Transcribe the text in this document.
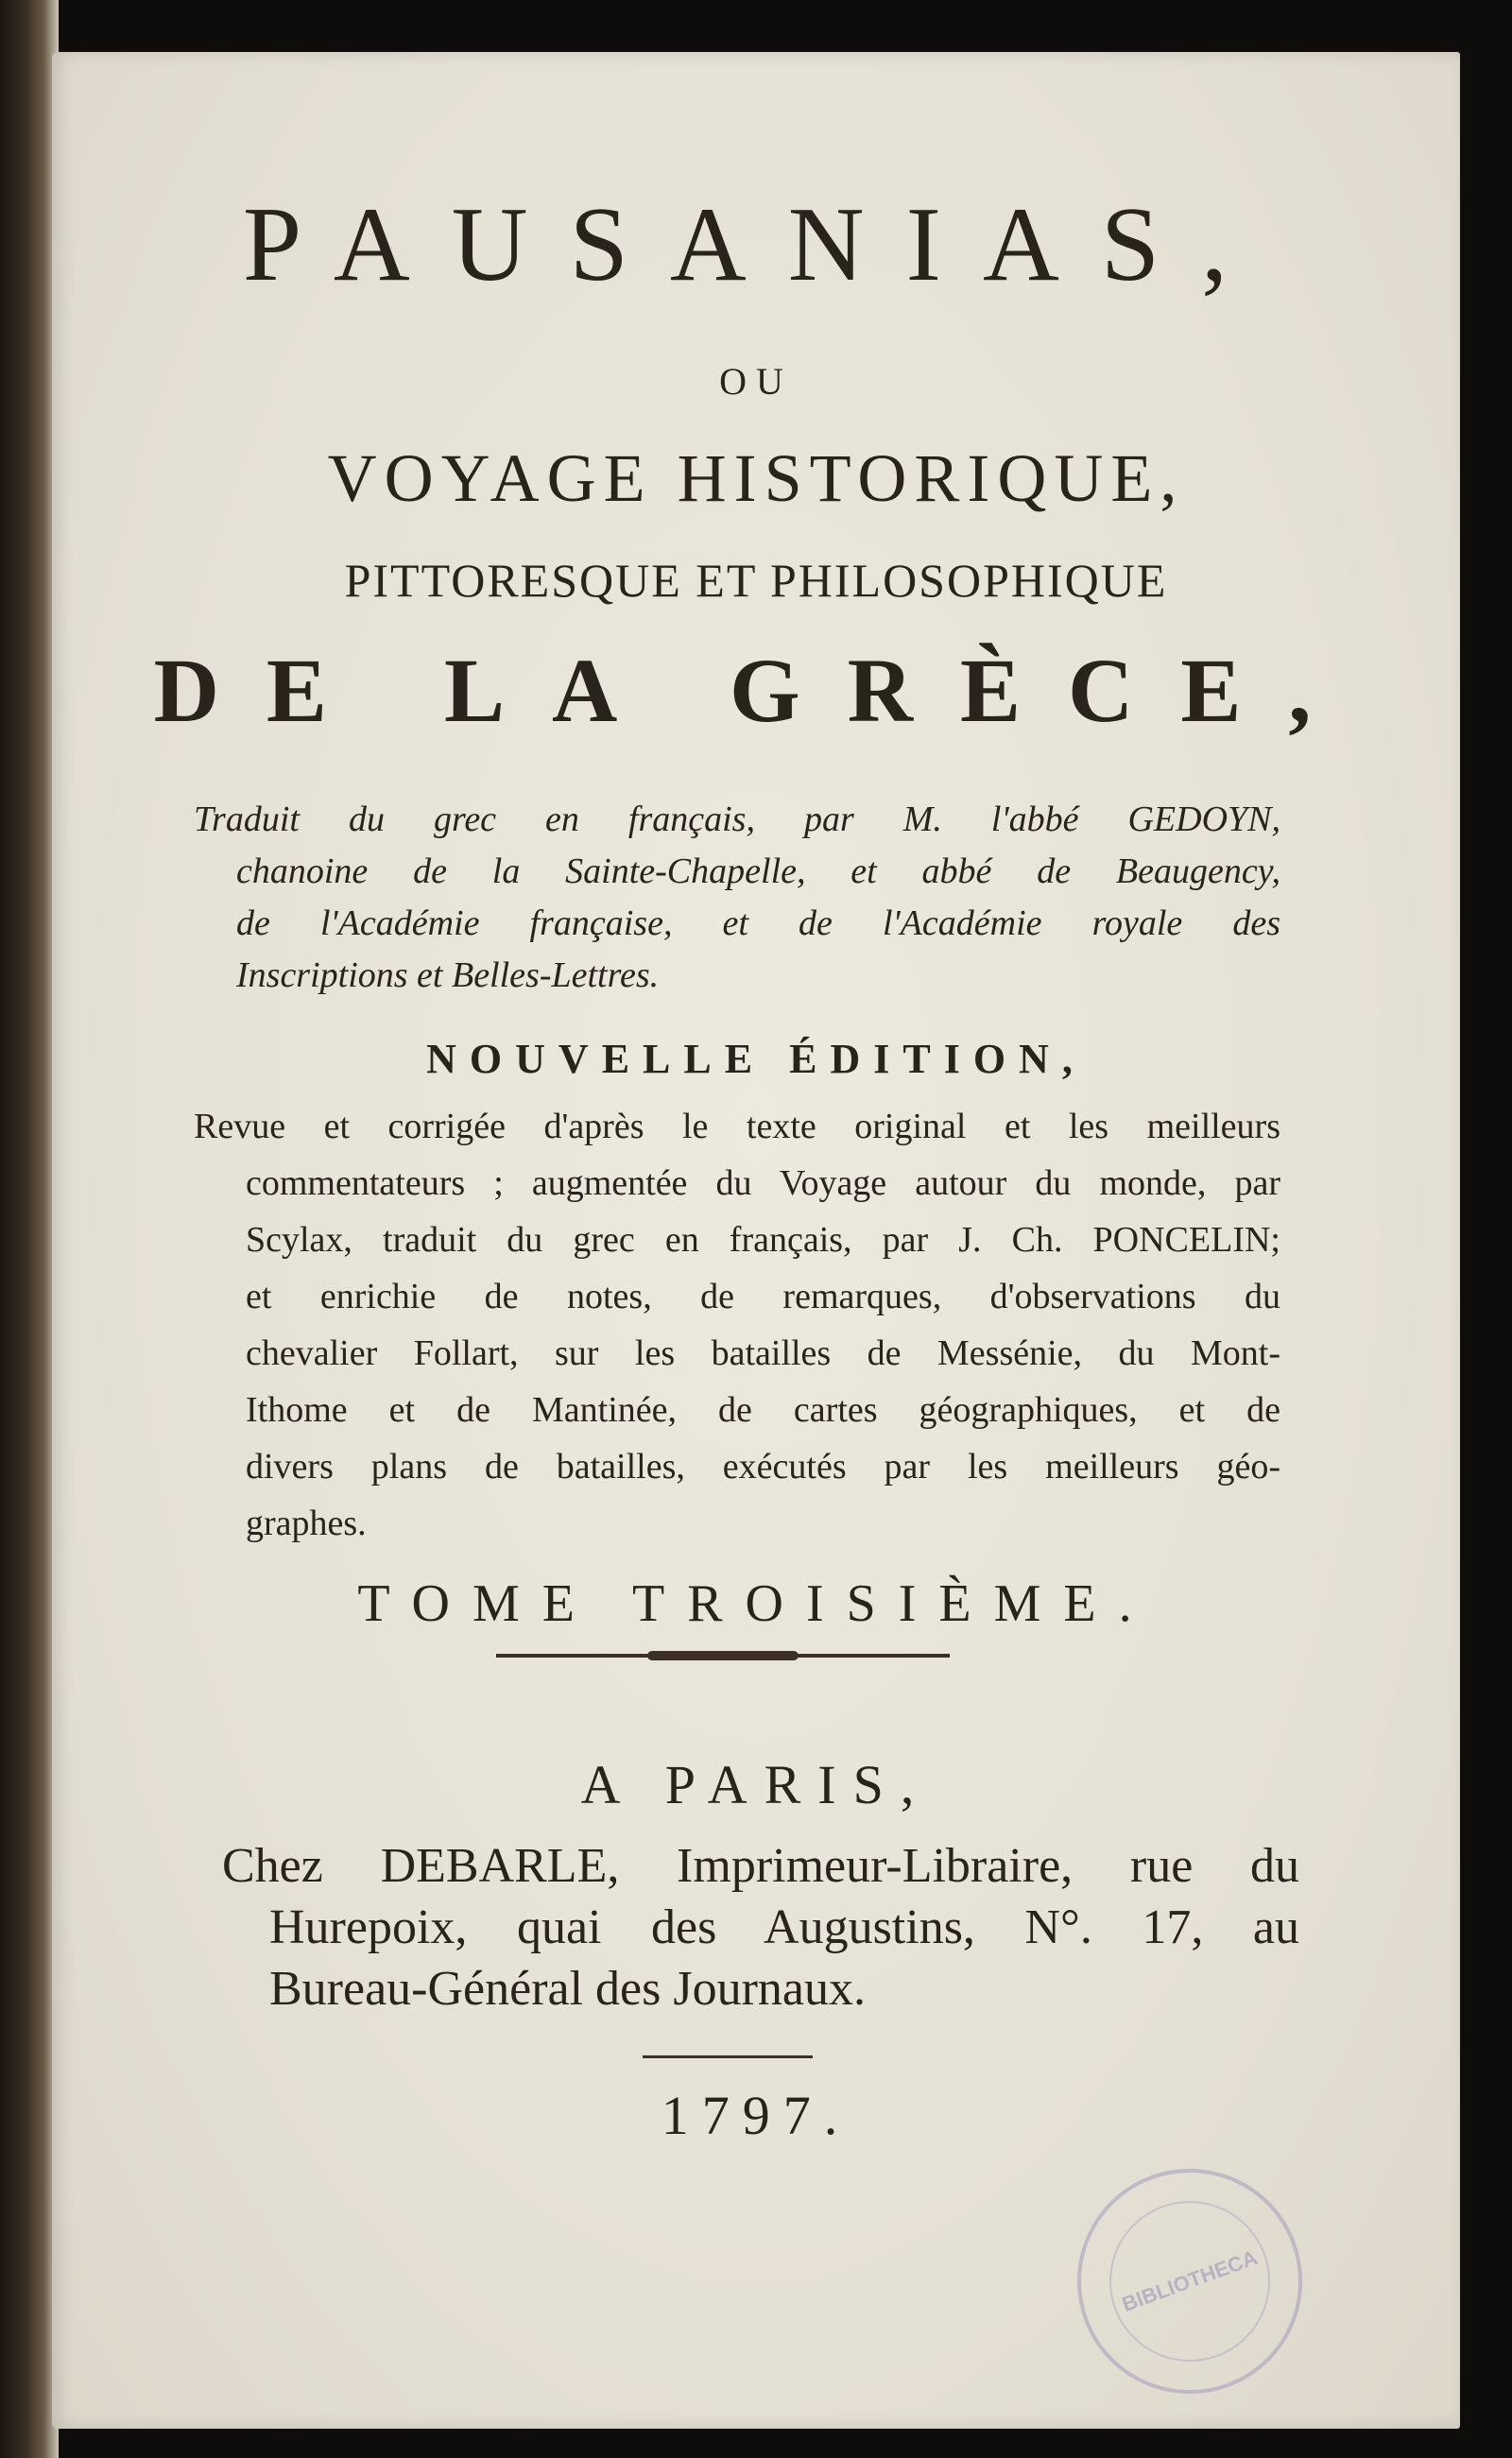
PAUSANIAS,
OU
VOYAGE HISTORIQUE,
PITTORESQUE ET PHILOSOPHIQUE
DE LA GRÈCE,
Traduit du grec en français, par M. l'abbé GEDOYN,
chanoine de la Sainte-Chapelle, et abbé de Beaugency,
de l'Académie française, et de l'Académie royale des
Inscriptions et Belles-Lettres.
NOUVELLE ÉDITION,
Revue et corrigée d'après le texte original et les meilleurs
commentateurs ; augmentée du Voyage autour du monde, par
Scylax, traduit du grec en français, par J. Ch. PONCELIN;
et enrichie de notes, de remarques, d'observations du
chevalier Follart, sur les batailles de Messénie, du Mont-
Ithome et de Mantinée, de cartes géographiques, et de
divers plans de batailles, exécutés par les meilleurs géo-
graphes.
TOME TROISIÈME.
A PARIS,
Chez DEBARLE, Imprimeur-Libraire, rue du
Hurepoix, quai des Augustins, N°. 17, au
Bureau-Général des Journaux.
1797.
BIBLIOTHECA
